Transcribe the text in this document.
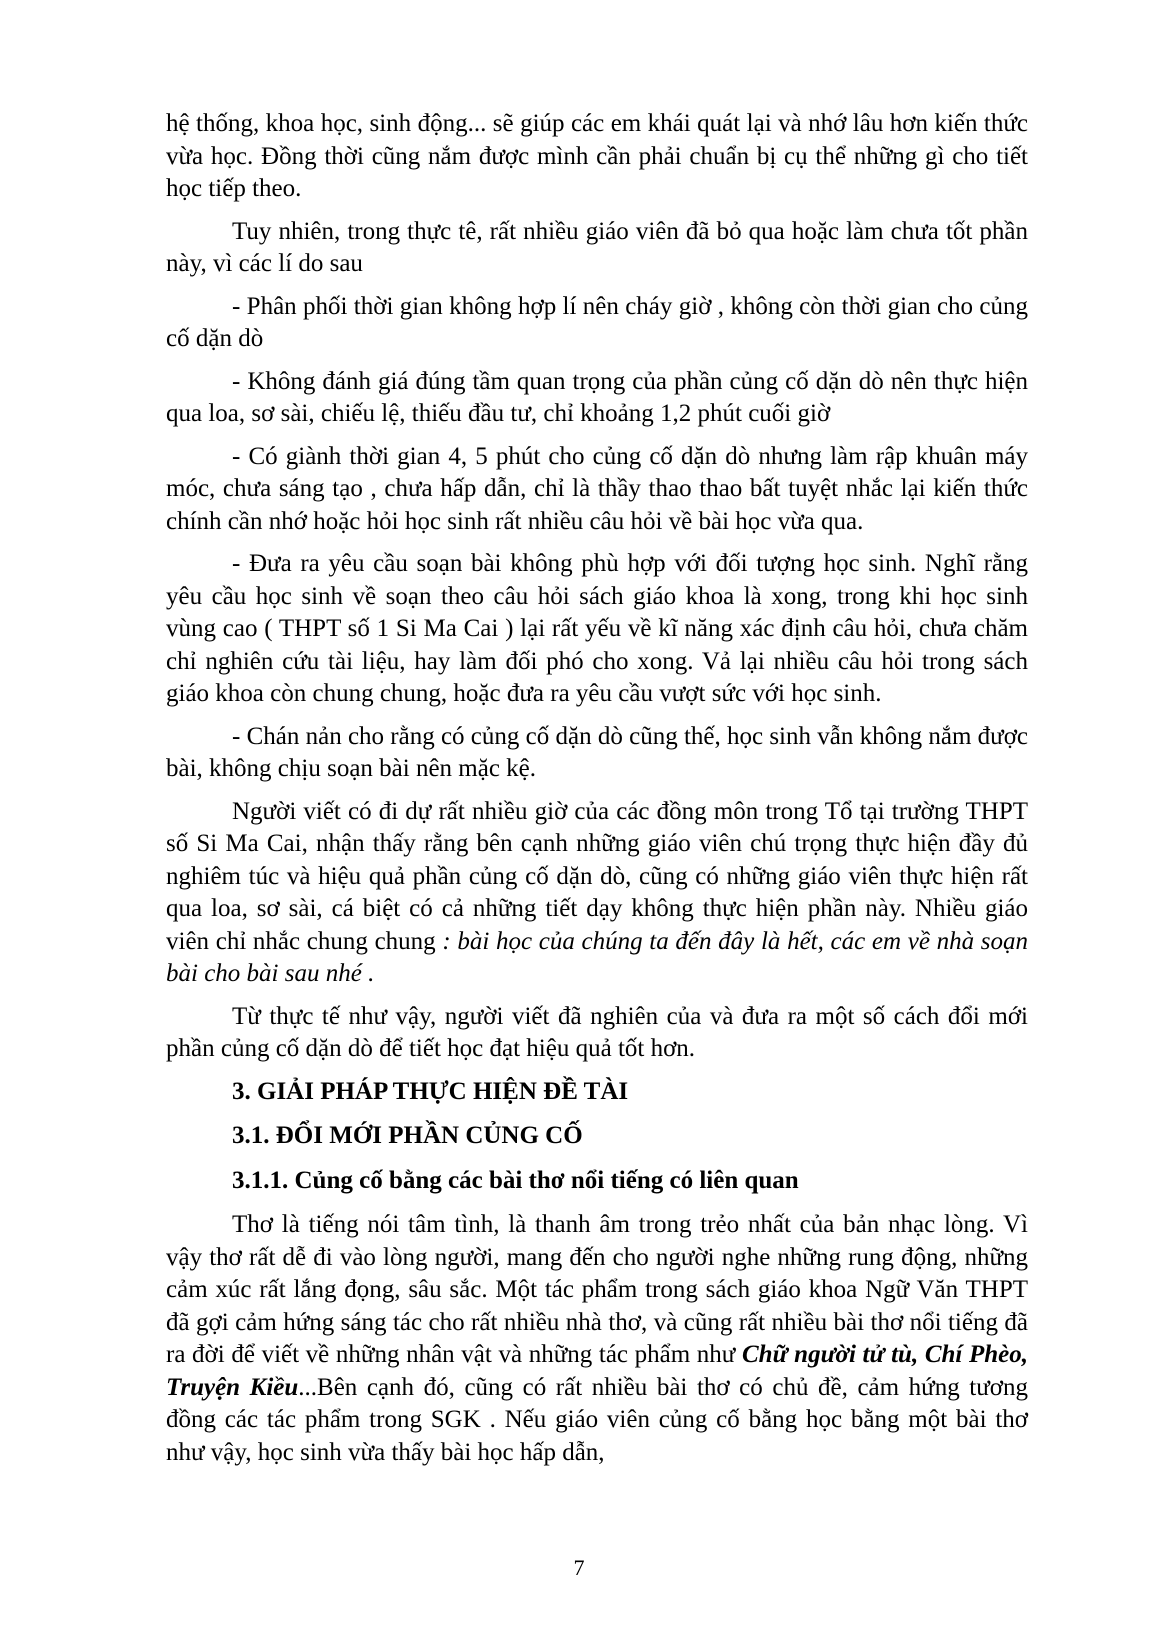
hệ thống, khoa học, sinh động... sẽ giúp các em khái quát lại và nhớ lâu hơn kiến thức vừa học. Đồng thời cũng nắm được mình cần phải chuẩn bị cụ thể những gì cho tiết học tiếp theo.

Tuy nhiên, trong thực tê, rất nhiều giáo viên đã bỏ qua hoặc làm chưa tốt phần này, vì các lí do sau

- Phân phối thời gian không hợp lí nên cháy giờ , không còn thời gian cho củng cố dặn dò

- Không đánh giá đúng tầm quan trọng của phần củng cố dặn dò nên thực hiện qua loa, sơ sài, chiếu lệ, thiếu đầu tư, chỉ khoảng 1,2 phút cuối giờ

- Có giành thời gian 4, 5 phút cho củng cố dặn dò nhưng làm rập khuân máy móc, chưa sáng tạo , chưa hấp dẫn, chỉ là thầy thao thao bất tuyệt nhắc lại kiến thức chính cần nhớ hoặc hỏi học sinh rất nhiều câu hỏi về bài học vừa qua.

- Đưa ra yêu cầu soạn bài không phù hợp với đối tượng học sinh. Nghĩ rằng yêu cầu học sinh về soạn theo câu hỏi sách giáo khoa là xong, trong khi học sinh vùng cao ( THPT số 1 Si Ma Cai ) lại rất yếu về kĩ năng xác định câu hỏi, chưa chăm chỉ nghiên cứu tài liệu, hay làm đối phó cho xong. Vả lại nhiều câu hỏi trong sách giáo khoa còn chung chung, hoặc đưa ra yêu cầu vượt sức với học sinh.

- Chán nản cho rằng có củng cố dặn dò cũng thế, học sinh vẫn không nắm được bài, không chịu soạn bài nên mặc kệ.

Người viết có đi dự rất nhiều giờ của các đồng môn trong Tổ tại trường THPT số Si Ma Cai, nhận thấy rằng bên cạnh những giáo viên chú trọng thực hiện đầy đủ nghiêm túc và hiệu quả phần củng cố dặn dò, cũng có những giáo viên thực hiện rất qua loa, sơ sài, cá biệt có cả những tiết dạy không thực hiện phần này. Nhiều giáo viên chỉ nhắc chung chung : bài học của chúng ta đến đây là hết, các em về nhà soạn bài cho bài sau nhé .

Từ thực tế như vậy, người viết đã nghiên của và đưa ra một số cách đổi mới phần củng cố dặn dò để tiết học đạt hiệu quả tốt hơn.

3. GIẢI PHÁP THỰC HIỆN ĐỀ TÀI
3.1. ĐỔI MỚI PHẦN CỦNG CỐ
3.1.1. Củng cố bằng các bài thơ nổi tiếng có liên quan

Thơ là tiếng nói tâm tình, là thanh âm trong trẻo nhất của bản nhạc lòng. Vì vậy thơ rất dễ đi vào lòng người, mang đến cho người nghe những rung động, những cảm xúc rất lắng đọng, sâu sắc. Một tác phẩm trong sách giáo khoa Ngữ Văn THPT đã gợi cảm hứng sáng tác cho rất nhiều nhà thơ, và cũng rất nhiều bài thơ nổi tiếng đã ra đời để viết về những nhân vật và những tác phẩm như Chữ người tử tù, Chí Phèo, Truyện Kiều...Bên cạnh đó, cũng có rất nhiều bài thơ có chủ đề, cảm hứng tương đồng các tác phẩm trong SGK . Nếu giáo viên củng cố bằng học bằng một bài thơ như vậy, học sinh vừa thấy bài học hấp dẫn,

7
